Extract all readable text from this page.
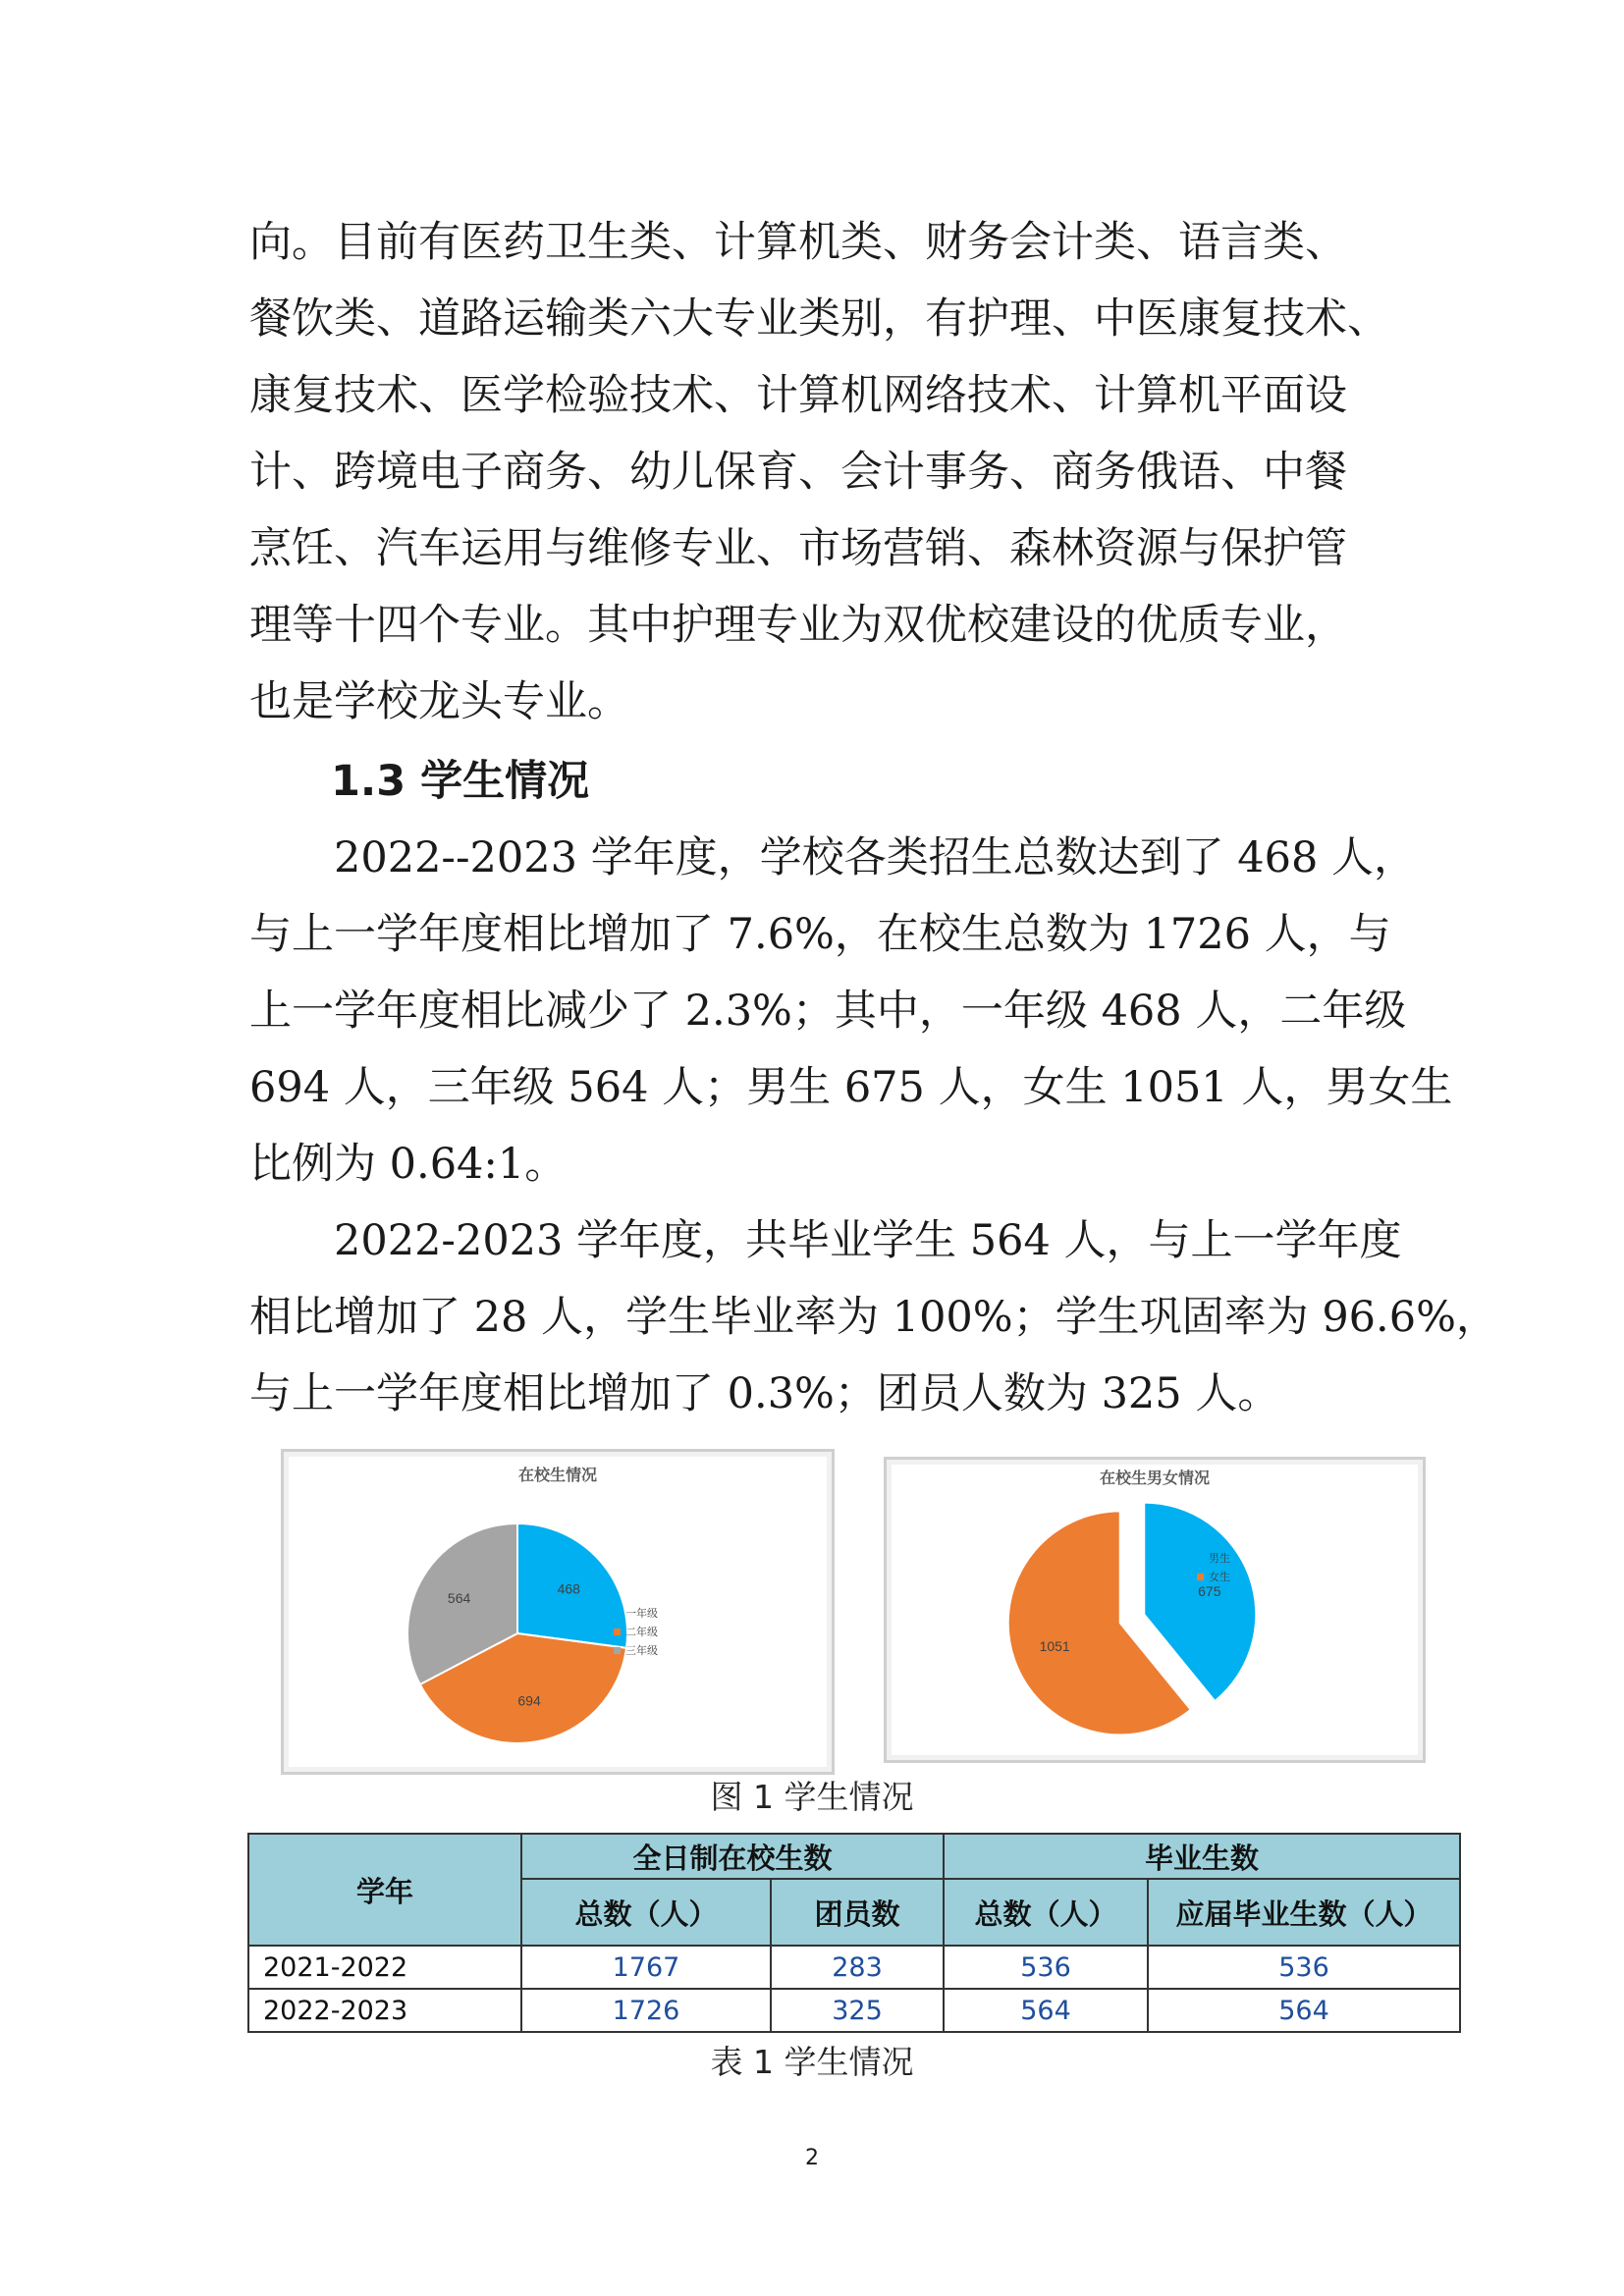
向。目前有医药卫生类、计算机类、财务会计类、语言类、
餐饮类、道路运输类六大专业类别，有护理、中医康复技术、
康复技术、医学检验技术、计算机网络技术、计算机平面设
计、跨境电子商务、幼儿保育、会计事务、商务俄语、中餐
烹饪、汽车运用与维修专业、市场营销、森林资源与保护管
理等十四个专业。其中护理专业为双优校建设的优质专业，
也是学校龙头专业。
1.3 学生情况
2022--2023 学年度，学校各类招生总数达到了 468 人，
与上一学年度相比增加了 7.6%，在校生总数为 1726 人，与
上一学年度相比减少了 2.3%；其中，一年级 468 人，二年级
694 人，三年级 564 人；男生 675 人，女生 1051 人，男女生
比例为 0.64:1。
2022-2023 学年度，共毕业学生 564 人，与上一学年度
相比增加了 28 人，学生毕业率为 100%；学生巩固率为 96.6%，
与上一学年度相比增加了 0.3%；团员人数为 325 人。
在校生情况
468
694
564
一年级
二年级
三年级
在校生男女情况
675
1051
男生
女生

图 1 学生情况

学年	全日制在校生数		毕业生数	
	总数（人）	团员数	总数（人）	应届毕业生数（人）
2021-2022	1767	283	536	536
2022-2023	1726	325	564	564

表 1 学生情况

2
